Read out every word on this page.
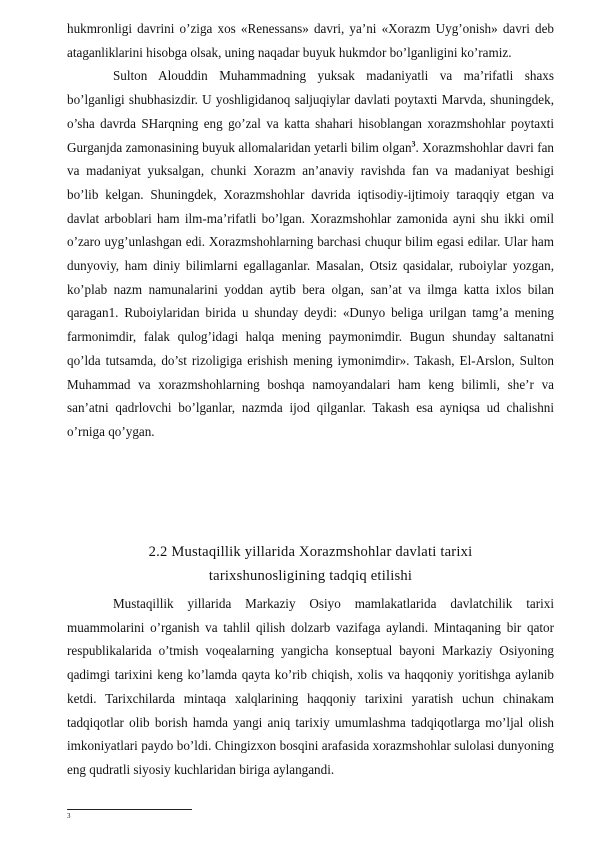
hukmronligi davrini o’ziga xos «Renessans» davri, ya’ni «Xorazm Uyg’onish» davri deb ataganliklarini hisobga olsak, uning naqadar buyuk hukmdor bo’lganligini ko’ramiz.

Sulton Alouddin Muhammadning yuksak madaniyatli va ma’rifatli shaxs bo’lganligi shubhasizdir. U yoshligidanoq saljuqiylar davlati poytaxti Marvda, shuningdek, o’sha davrda SHarqning eng go’zal va katta shahari hisoblangan xorazmshohlar poytaxti Gurganjda zamonasining buyuk allomalaridan yetarli bilim olgan$^3$. Xorazmshohlar davri fan va madaniyat yuksalgan, chunki Xorazm an’anaviy ravishda fan va madaniyat beshigi bo’lib kelgan. Shuningdek, Xorazmshohlar davrida iqtisodiy-ijtimoiy taraqqiy etgan va davlat arboblari ham ilm-ma’rifatli bo’lgan. Xorazmshohlar zamonida ayni shu ikki omil o’zaro uyg’unlashgan edi. Xorazmshohlarning barchasi chuqur bilim egasi edilar. Ular ham dunyoviy, ham diniy bilimlarni egallaganlar. Masalan, Otsiz qasidalar, ruboiylar yozgan, ko’plab nazm namunalarini yoddan aytib bera olgan, san’at va ilmga katta ixlos bilan qaragan1. Ruboiylaridan birida u shunday deydi: «Dunyo beliga urilgan tamg’a mening farmonimdir, falak qulog’idagi halqa mening paymonimdir. Bugun shunday saltanatni qo’lda tutsamda, do’st rizoligiga erishish mening iymonimdir». Takash, El-Arslon, Sulton Muhammad va xorazmshohlarning boshqa namoyandalari ham keng bilimli, she’r va san’atni qadrlovchi bo’lganlar, nazmda ijod qilganlar. Takash esa ayniqsa ud chalishni o’rniga qo’ygan.

2.2 Mustaqillik yillarida Xorazmshohlar davlati tarixi

tarixshunosligining tadqiq etilishi

Mustaqillik yillarida Markaziy Osiyo mamlakatlarida davlatchilik tarixi muammolarini o’rganish va tahlil qilish dolzarb vazifaga aylandi. Mintaqaning bir qator respublikalarida o’tmish voqealarning yangicha konseptual bayoni Markaziy Osiyoning qadimgi tarixini keng ko’lamda qayta ko’rib chiqish, xolis va haqqoniy yoritishga aylanib ketdi. Tarixchilarda mintaqa xalqlarining haqqoniy tarixini yaratish uchun chinakam tadqiqotlar olib borish hamda yangi aniq tarixiy umumlashma tadqiqotlarga mo’ljal olish imkoniyatlari paydo bo’ldi. Chingizxon bosqini arafasida xorazmshohlar sulolasi dunyoning eng qudratli siyosiy kuchlaridan biriga aylangandi.

3
